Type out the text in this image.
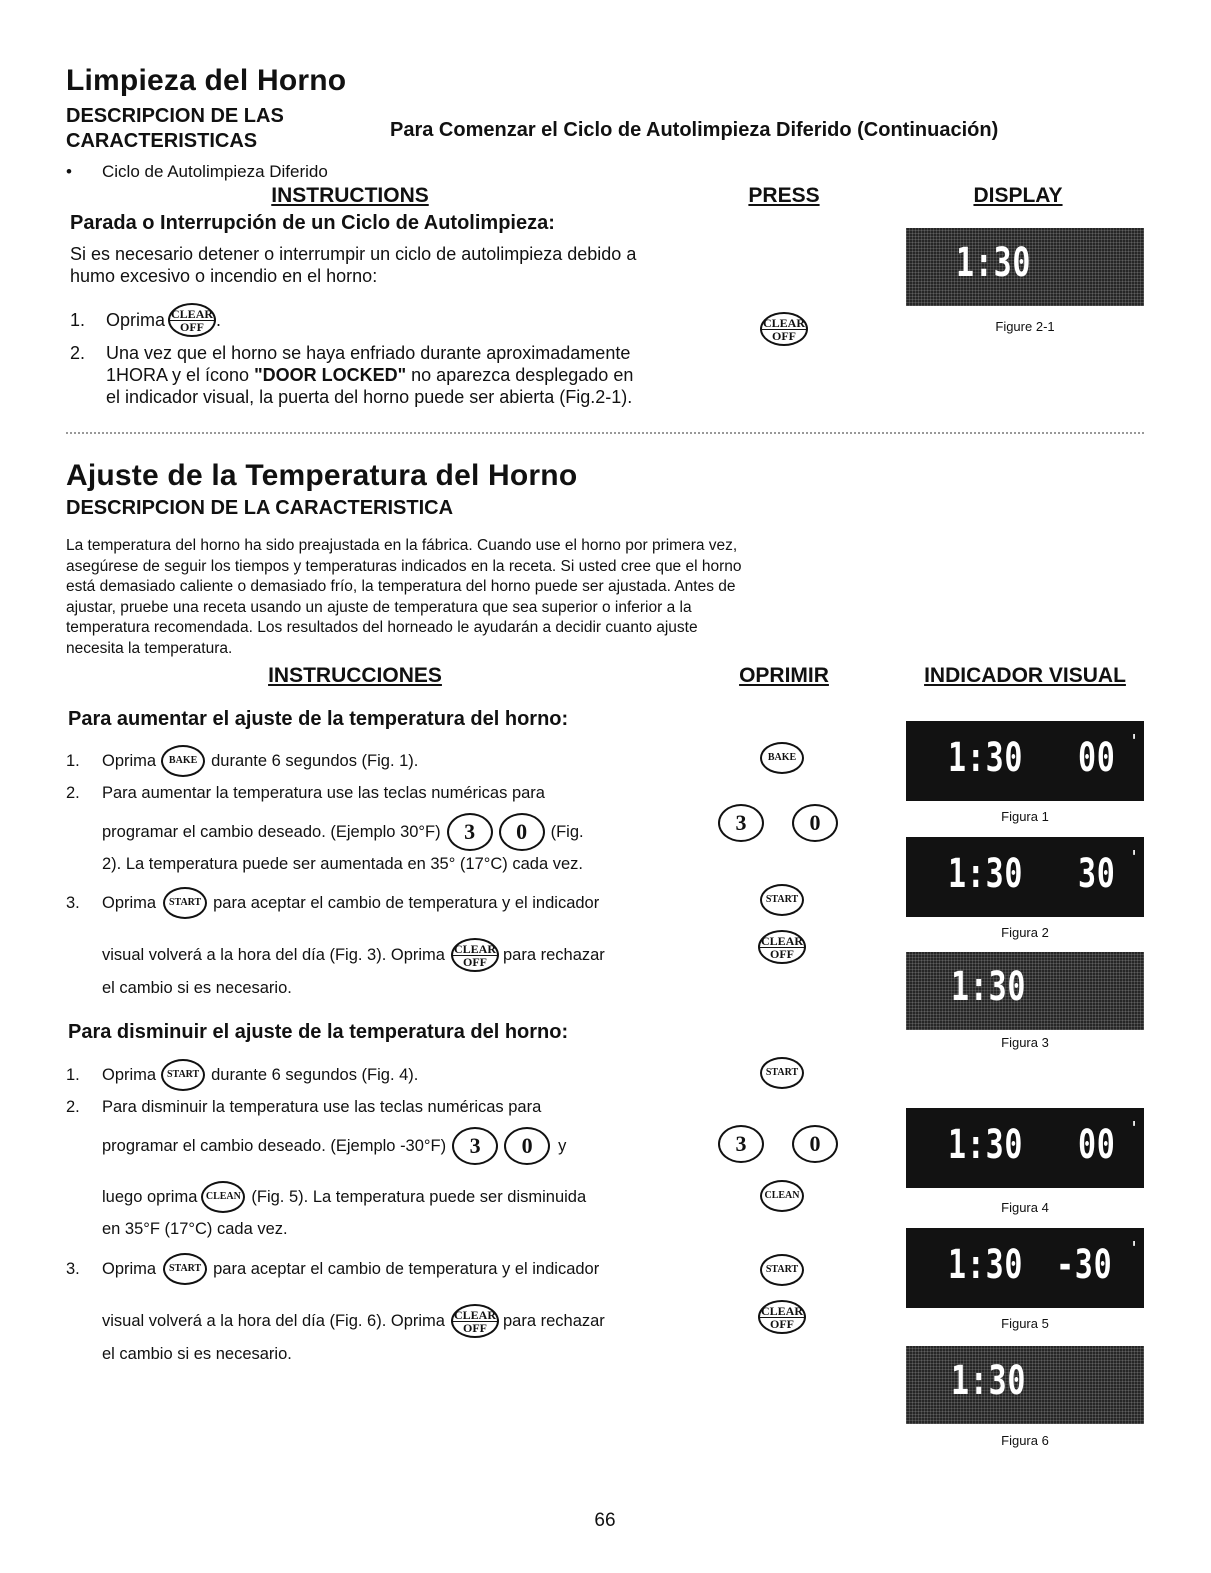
Limpieza del Horno
DESCRIPCION DE LAS
CARACTERISTICAS	Para Comenzar el Ciclo de Autolimpieza Diferido (Continuación)
• Ciclo de Autolimpieza Diferido
INSTRUCTIONS	PRESS	DISPLAY
Parada o Interrupción de un Ciclo de Autolimpieza:
Si es necesario detener o interrumpir un ciclo de autolimpieza debido a
humo excesivo o incendio en el horno:
1.	Oprima CLEAR
OFF .
2. Una vez que el horno se haya enfriado durante aproximadamente
1HORA y el ícono "DOOR LOCKED" no aparezca desplegado en
el indicador visual, la puerta del horno puede ser abierta (Fig.2-1).
CLEAR
OFF
1:30
Figure 2-1
Ajuste de la Temperatura del Horno
DESCRIPCION DE LA CARACTERISTICA
La temperatura del horno ha sido preajustada en la fábrica. Cuando use el horno por primera vez,
asegúrese de seguir los tiempos y temperaturas indicados en la receta. Si usted cree que el horno
está demasiado caliente o demasiado frío, la temperatura del horno puede ser ajustada. Antes de
ajustar, pruebe una receta usando un ajuste de temperatura que sea superior o inferior a la
temperatura recomendada. Los resultados del horneado le ayudarán a decidir cuanto ajuste
necesita la temperatura.
INSTRUCCIONES	OPRIMIR	INDICADOR VISUAL
Para aumentar el ajuste de la temperatura del horno:
1.	Oprima	BAKE durante 6 segundos (Fig. 1).
2. Para aumentar la temperatura use las teclas numéricas para
programar el cambio deseado. (Ejemplo 30°F)	3	0	(Fig.
2). La temperatura puede ser aumentada en 35° (17°C) cada vez.
3.	Oprima	START para aceptar el cambio de temperatura y el indicador
visual volverá a la hora del día (Fig. 3). Oprima CLEAR
OFF para rechazar
el cambio si es necesario.
Para disminuir el ajuste de la temperatura del horno:
1.	Oprima	START durante 6 segundos (Fig. 4).
2. Para disminuir la temperatura use las teclas numéricas para
programar el cambio deseado. (Ejemplo -30°F)	3	0	y
luego oprima CLEAN (Fig. 5). La temperatura puede ser disminuida
en 35°F (17°C) cada vez.
3.	Oprima	START para aceptar el cambio de temperatura y el indicador
visual volverá a la hora del día (Fig. 6). Oprima CLEAR
OFF para rechazar
el cambio si es necesario.
BAKE
3	0
START
CLEAR
OFF
START
3	0
CLEAN
START
CLEAR
OFF
1:30 00 '
Figura 1
1:30 30 '
Figura 2
1:30
Figura 3
1:30 00 '
Figura 4
1:30 -30 '
Figura 5
1:30
Figura 6
66
